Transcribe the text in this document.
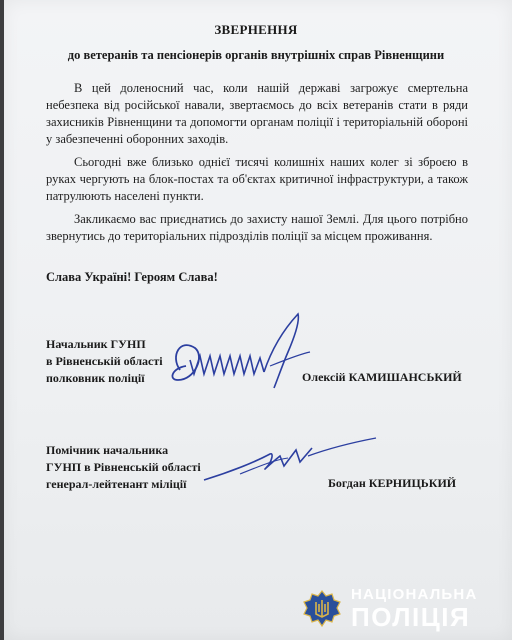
ЗВЕРНЕННЯ
до ветеранів та пенсіонерів органів внутрішніх справ Рівненщини
В цей доленосний час, коли нашій державі загрожує смертельна небезпека від російської навали, звертаємось до всіх ветеранів стати в ряди захисників Рівненщини та допомогти органам поліції і територіальній обороні у забезпеченні оборонних заходів.
Сьогодні вже близько однієї тисячі колишніх наших колег зі зброєю в руках чергують на блок-постах та об'єктах критичної інфраструктури, а також патрулюють населені пункти.
Закликаємо вас приєднатись до захисту нашої Землі. Для цього потрібно звернутись до територіальних підрозділів поліції за місцем проживання.
Слава Україні! Героям Слава!
Начальник ГУНП
в Рівненській області
полковник поліції	Олексій КАМИШАНСЬКИЙ
Помічник начальника
ГУНП в Рівненській області
генерал-лейтенант міліції	Богдан КЕРНИЦЬКИЙ
НАЦІОНАЛЬНА
ПОЛІЦІЯ
